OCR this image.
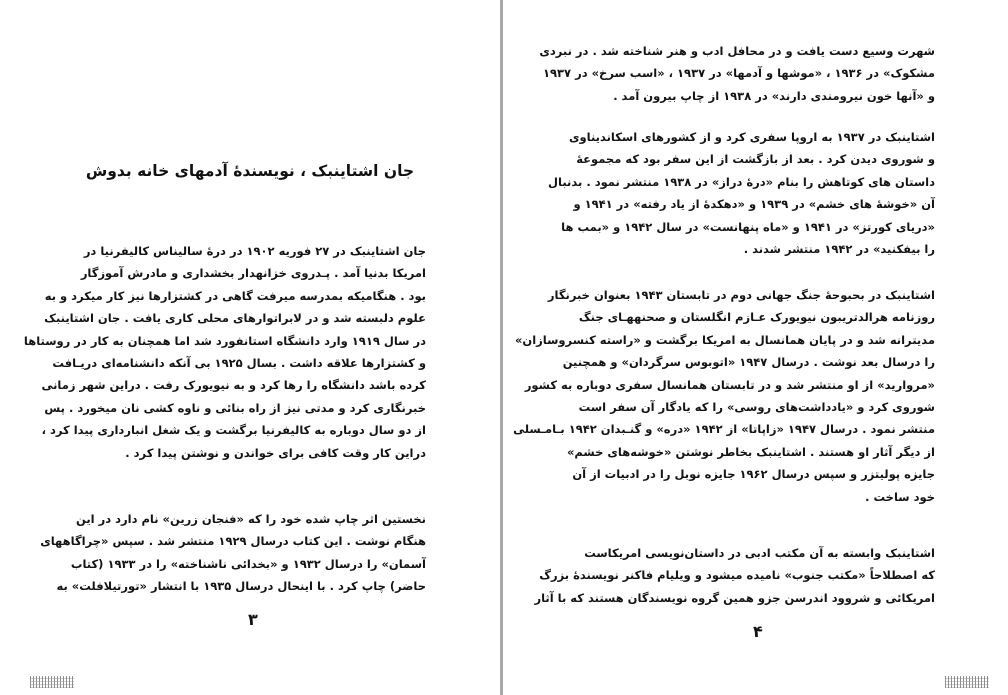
جان اشتاینبک ، نویسندهٔ آدمهای خانه بدوش
جان اشتاینبک در ۲۷ فوریه ۱۹۰۲ در درهٔ سالیناس کالیفرنیا در
امریکا بدنیا آمد . پـدروی خزانهدار بخشداری و مادرش آموزگار
بود . هنگامیکه بمدرسه میرفت گاهی در کشتزارها نیز کار میکرد و به
علوم دلبسته شد و در لابراتوارهای محلی کاری یافت . جان اشتاینبک
در سال ۱۹۱۹ وارد دانشگاه استانفورد شد اما همچنان به کار در روستاها
و کشتزارها علاقه داشت . بسال ۱۹۲۵ بی آنکه دانشنامه‌ای دریـافت
کرده باشد دانشگاه را رها کرد و به نیویورک رفت . دراین شهر زمانی
خبرنگاری کرد و مدتی نیز از راه بنائی و ناوه کشی نان میخورد . پس
از دو سال دوباره به کالیفرنیا برگشت و یک شغل انبارداری پیدا کرد ،
دراین کار وقت کافی برای خواندن و نوشتن پیدا کرد .
نخستین اثر چاپ شده خود را که «فنجان زرین» نام دارد در این
هنگام نوشت . این کتاب درسال ۱۹۲۹ منتشر شد . سپس «چراگاههای
آسمان» را درسال ۱۹۳۲ و «بخدائی ناشناخته» را در ۱۹۳۳ (کتاب
حاضر) چاپ کرد . با اینحال درسال ۱۹۳۵ با انتشار «تورتیلافلت» به
۳
شهرت وسیع دست یافت و در محافل ادب و هنر شناخته شد . در نبردی
مشکوک» در ۱۹۳۶ ، «موشها و آدمها» در ۱۹۳۷ ، «اسب سرخ» در ۱۹۳۷
و «آنها خون نیرومندی دارند» در ۱۹۳۸ از چاپ بیرون آمد .
اشتاینبک در ۱۹۳۷ به اروپا سفری کرد و از کشورهای اسکاندیناوی
و شوروی دیدن کرد . بعد از بازگشت از این سفر بود که مجموعهٔ
داستان های کوتاهش را بنام «درهٔ دراز» در ۱۹۳۸ منتشر نمود . بدنبال
آن «خوشهٔ های خشم» در ۱۹۳۹ و «دهکدهٔ از یاد رفته» در ۱۹۴۱ و
«دریای کورتز» در ۱۹۴۱ و «ماه پنهانست» در سال ۱۹۴۲ و «بمب ها
را بیفکنید» در ۱۹۴۲ منتشر شدند .
اشتاینبک در بحبوحهٔ جنگ جهانی دوم در تابستان ۱۹۴۳ بعنوان خبرنگار
روزنامه هرالدتریبون نیویورک عـازم انگلستان و صحنههـای جنگ
مدیترانه شد و در پایان همانسال به امریکا برگشت و «راسته کنسروسازان»
را درسال بعد نوشت . درسال ۱۹۴۷ «اتوبوس سرگردان» و همچنین
«مروارید» از او منتشر شد و در تابستان همانسال سفری دوباره به کشور
شوروی کرد و «یادداشت‌های روسی» را که یادگار آن سفر است
منتشر نمود . درسال ۱۹۴۷ «زاپاتا» از ۱۹۴۲ «دره» و گنـبدان ۱۹۴۲ بـامـسلی
از دیگر آثار او هستند . اشتاینبک بخاطر نوشتن «خوشه‌های خشم»
جایزه پولیتزر و سپس درسال ۱۹۶۲ جایزه نوبل را در ادبیات از آن
خود ساخت .
اشتاینبک وابسته به آن مکتب ادبی در داستان‌نویسی امریکاست
که اصطلاحاً «مکتب جنوب» نامیده میشود و ویلیام فاکنر نویسندهٔ بزرگ
امریکائی و شروود اندرسن جزو همین گروه نویسندگان هستند که با آثار
۴
